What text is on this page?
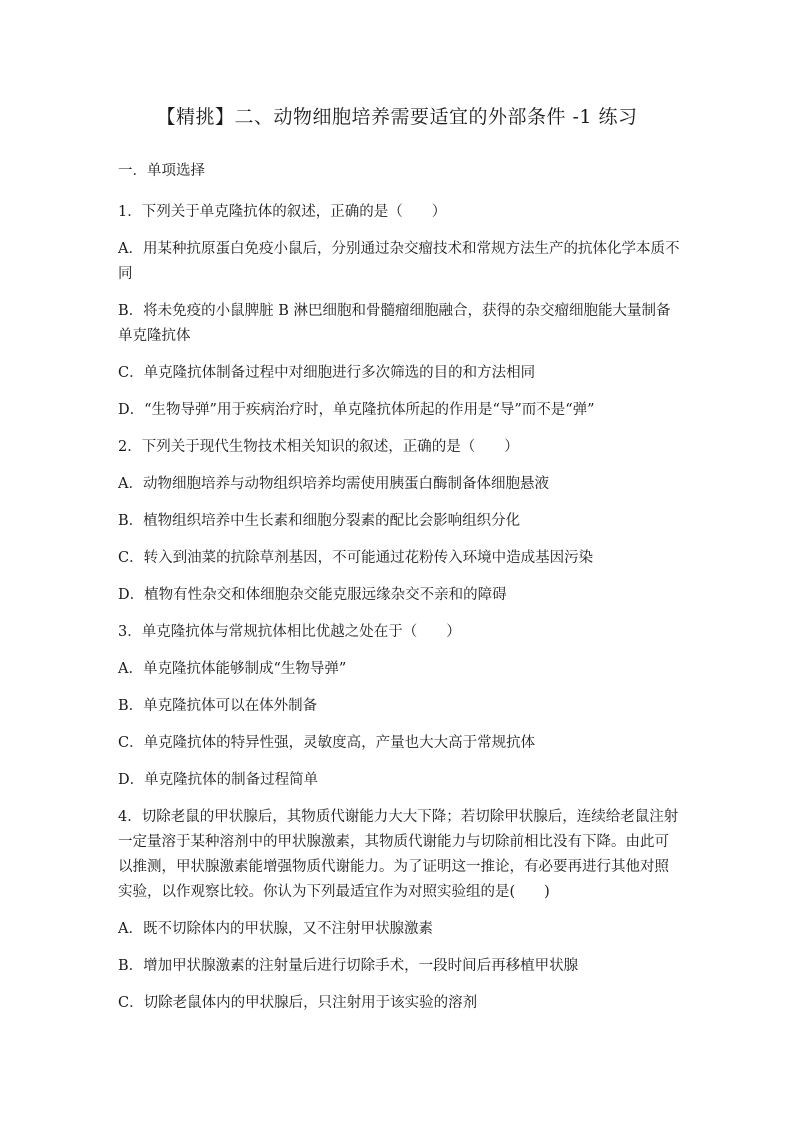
【精挑】二、动物细胞培养需要适宜的外部条件 -1 练习
一．单项选择
1．下列关于单克隆抗体的叙述，正确的是（　　）
A．用某种抗原蛋白免疫小鼠后，分别通过杂交瘤技术和常规方法生产的抗体化学本质不同
B．将未免疫的小鼠脾脏 B 淋巴细胞和骨髓瘤细胞融合，获得的杂交瘤细胞能大量制备单克隆抗体
C．单克隆抗体制备过程中对细胞进行多次筛选的目的和方法相同
D．“生物导弹”用于疾病治疗时，单克隆抗体所起的作用是“导”而不是“弹”
2．下列关于现代生物技术相关知识的叙述，正确的是（　　）
A．动物细胞培养与动物组织培养均需使用胰蛋白酶制备体细胞悬液
B．植物组织培养中生长素和细胞分裂素的配比会影响组织分化
C．转入到油菜的抗除草剂基因，不可能通过花粉传入环境中造成基因污染
D．植物有性杂交和体细胞杂交能克服远缘杂交不亲和的障碍
3．单克隆抗体与常规抗体相比优越之处在于（　　）
A．单克隆抗体能够制成“生物导弹”
B．单克隆抗体可以在体外制备
C．单克隆抗体的特异性强，灵敏度高，产量也大大高于常规抗体
D．单克隆抗体的制备过程简单
4．切除老鼠的甲状腺后，其物质代谢能力大大下降；若切除甲状腺后，连续给老鼠注射一定量溶于某种溶剂中的甲状腺激素，其物质代谢能力与切除前相比没有下降。由此可以推测，甲状腺激素能增强物质代谢能力。为了证明这一推论，有必要再进行其他对照实验，以作观察比较。你认为下列最适宜作为对照实验组的是(　　)
A．既不切除体内的甲状腺，又不注射甲状腺激素
B．增加甲状腺激素的注射量后进行切除手术，一段时间后再移植甲状腺
C．切除老鼠体内的甲状腺后，只注射用于该实验的溶剂
